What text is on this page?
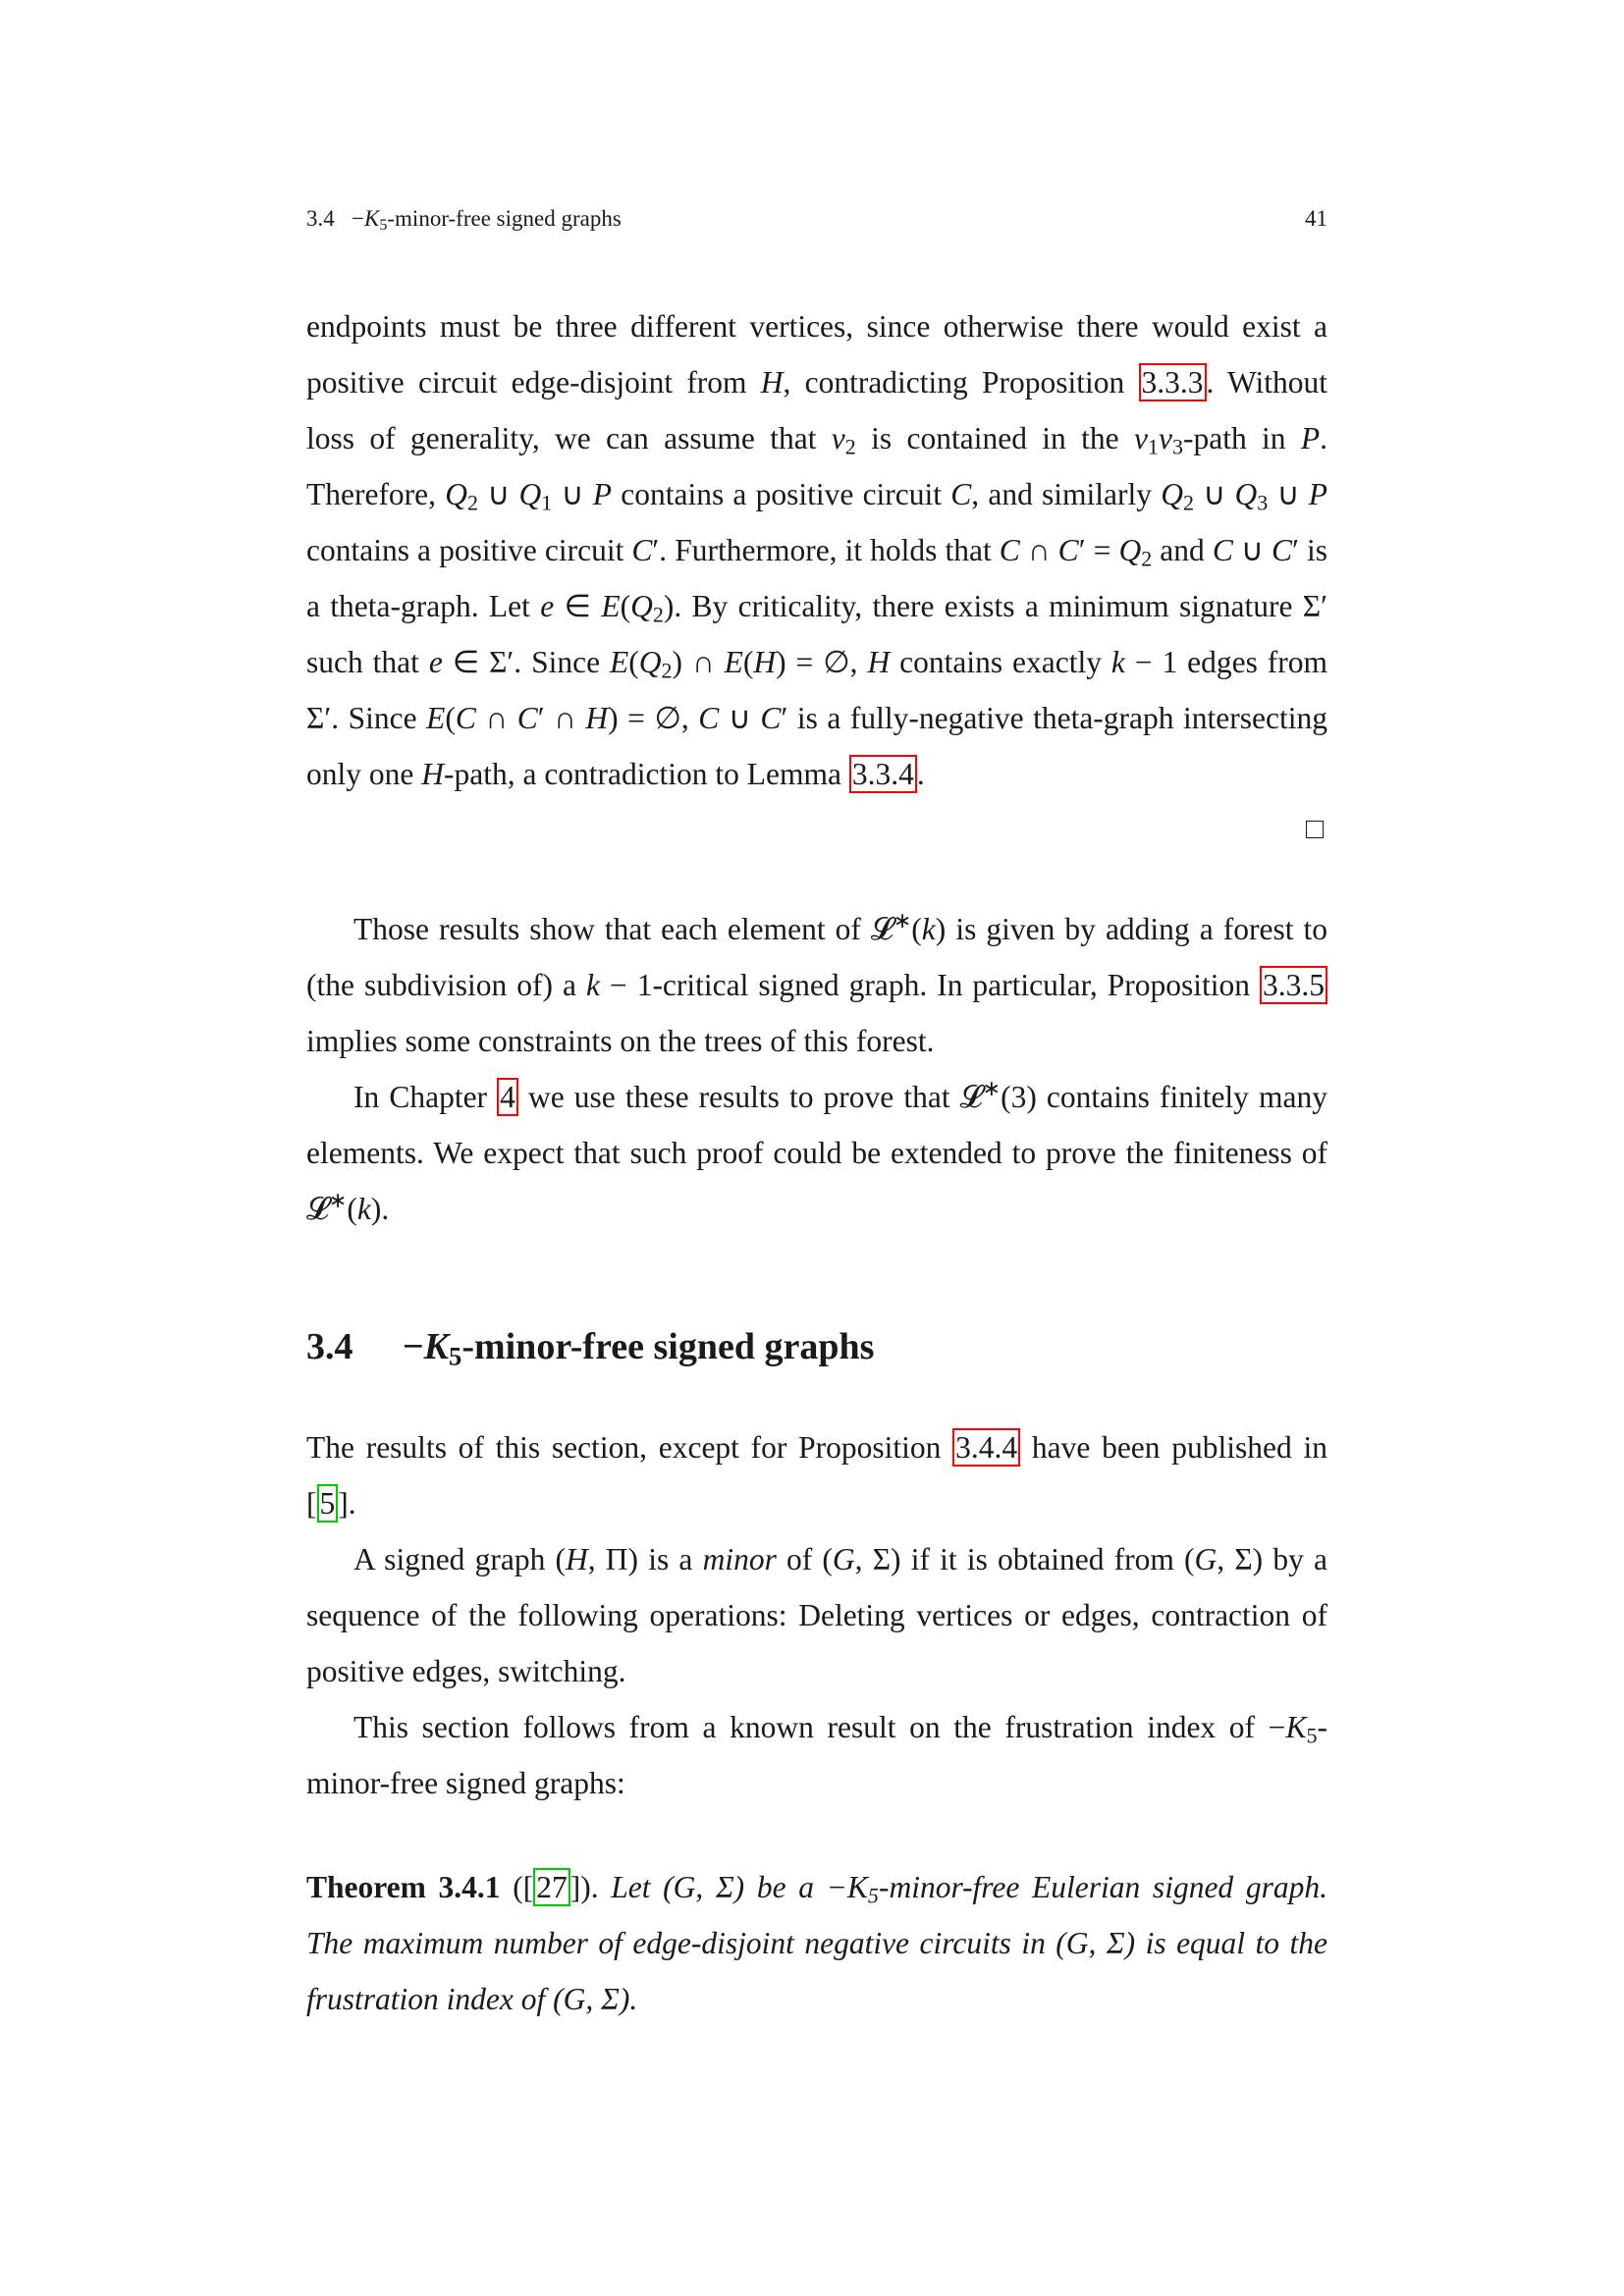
$3.4 -K_5-minor$-free signed graphs	41

endpoints must be three different vertices, since otherwise there would exist a positive circuit edge-disjoint from H, contradicting Proposition 3.3.3. Without loss of generality, we can assume that $v_2$ is contained in the $v_1v_3$-path in P. Therefore, $Q_2$ ∪ $Q_1$ ∪ P contains a positive circuit C, and similarly $Q_2$ ∪ $Q_3$ ∪ P contains a positive circuit C′. Furthermore, it holds that C ∩ $C' = Q_2$ and C ∪ C′ is a theta-graph. Let e ∈ $E(Q_2)$. By criticality, there exists a minimum signature Σ′ such that e ∈ Σ′. Since $E(Q_2)$ ∩ E(H) = ∅, H contains exactly k − 1 edges from Σ′. Since E(C ∩ C′ ∩ H) = ∅, C ∪ C′ is a fully-negative theta-graph intersecting only one H-path, a contradiction to Lemma 3.3.4.

Those results show that each element of 𝓛∗(k) is given by adding a forest to (the subdivision of) a k − 1-critical signed graph. In particular, Proposition 3.3.5 implies some constraints on the trees of this forest.

In Chapter 4 we use these results to prove that 𝓛∗(3) contains finitely many elements. We expect that such proof could be extended to prove the finiteness of 𝓛∗(k).

$3.4 -K_5-minor$-free signed graphs

The results of this section, except for Proposition 3.4.4 have been published in [5].

A signed graph (H, Π) is a minor of (G, Σ) if it is obtained from (G, Σ) by a sequence of the following operations: Deleting vertices or edges, contraction of positive edges, switching.

This section follows from a known result on the frustration index of $-K_5-minor$-free signed graphs:

Theorem 3.4.1 ([27]). Let (G, Σ) be $a -K_5-minor$-free Eulerian signed graph. The maximum number of edge-disjoint negative circuits in (G, Σ) is equal to the frustration index of (G, Σ).
